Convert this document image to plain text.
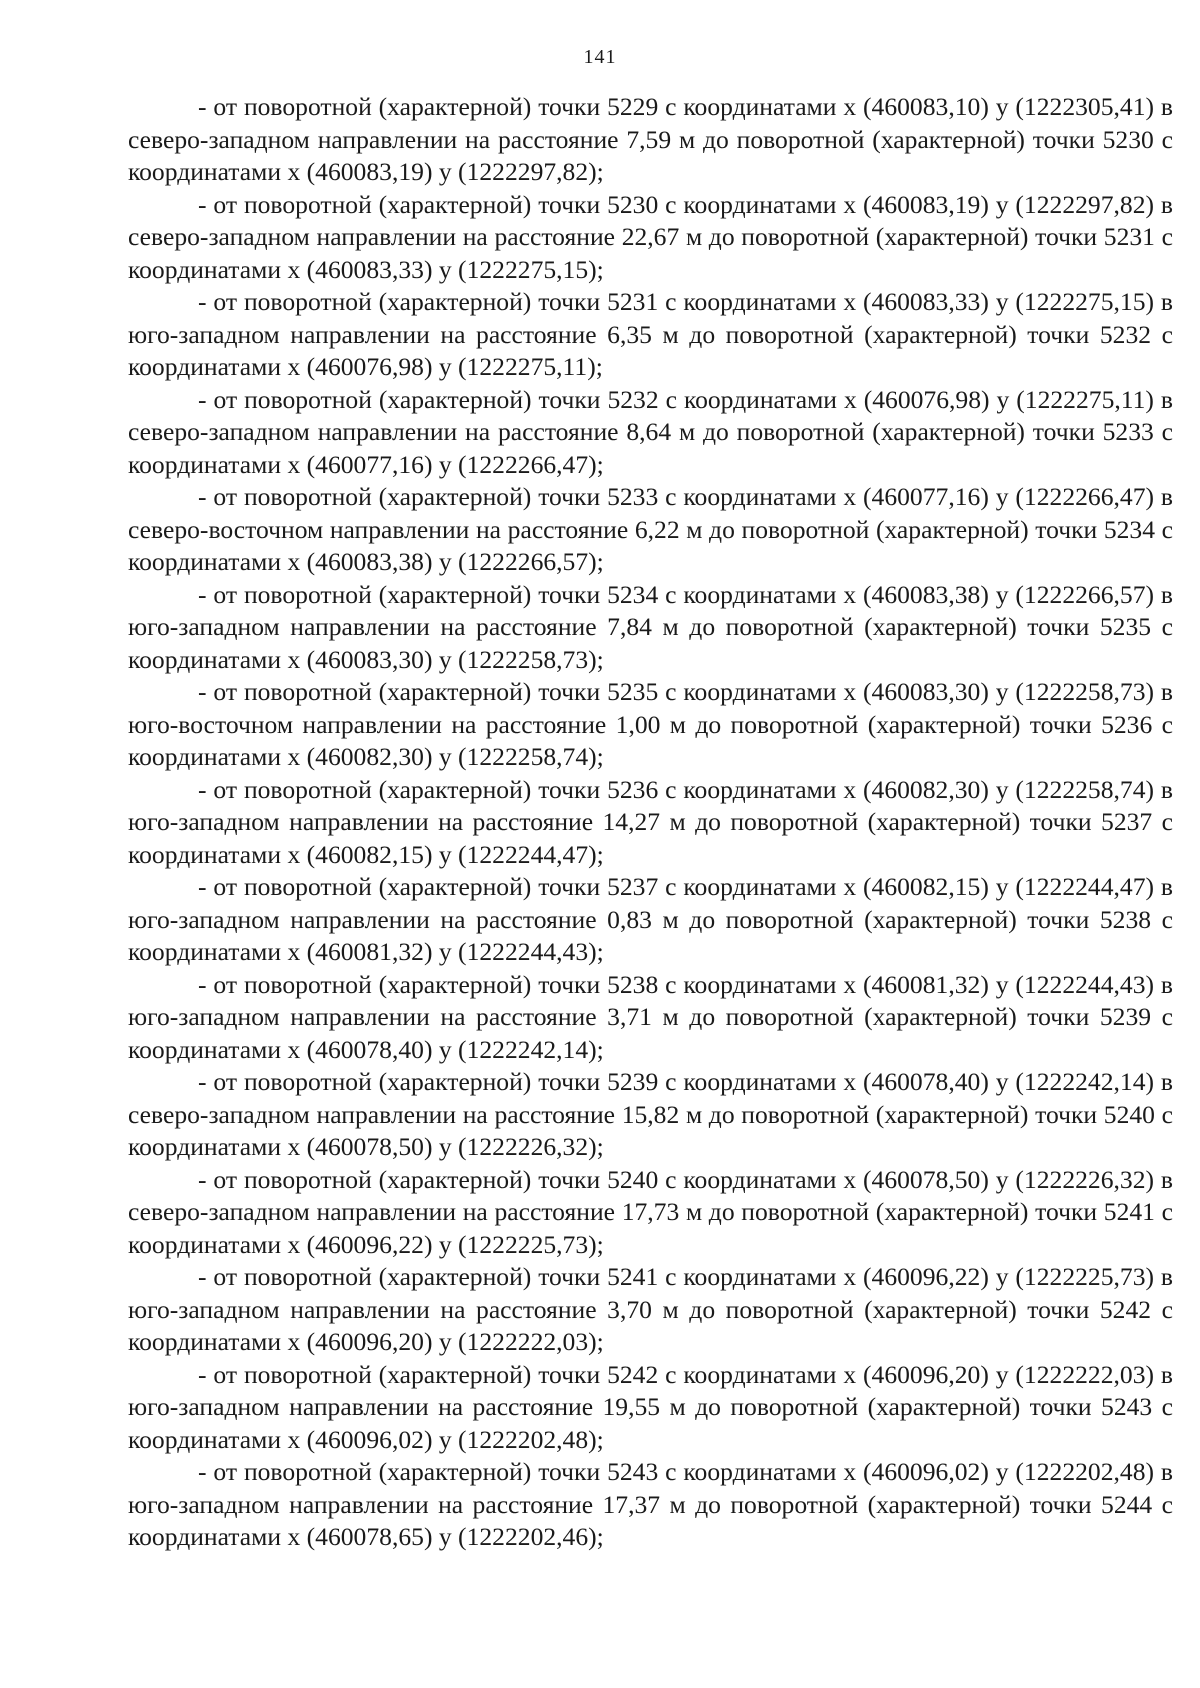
141

- от поворотной (характерной) точки 5229 с координатами х (460083,10) у (1222305,41) в северо-западном направлении на расстояние 7,59 м до поворотной (характерной) точки 5230 с координатами х (460083,19) у (1222297,82);

- от поворотной (характерной) точки 5230 с координатами х (460083,19) у (1222297,82) в северо-западном направлении на расстояние 22,67 м до поворотной (характерной) точки 5231 с координатами х (460083,33) у (1222275,15);

- от поворотной (характерной) точки 5231 с координатами х (460083,33) у (1222275,15) в юго-западном направлении на расстояние 6,35 м до поворотной (характерной) точки 5232 с координатами х (460076,98) у (1222275,11);

- от поворотной (характерной) точки 5232 с координатами х (460076,98) у (1222275,11) в северо-западном направлении на расстояние 8,64 м до поворотной (характерной) точки 5233 с координатами х (460077,16) у (1222266,47);

- от поворотной (характерной) точки 5233 с координатами х (460077,16) у (1222266,47) в северо-восточном направлении на расстояние 6,22 м до поворотной (характерной) точки 5234 с координатами х (460083,38) у (1222266,57);

- от поворотной (характерной) точки 5234 с координатами х (460083,38) у (1222266,57) в юго-западном направлении на расстояние 7,84 м до поворотной (характерной) точки 5235 с координатами х (460083,30) у (1222258,73);

- от поворотной (характерной) точки 5235 с координатами х (460083,30) у (1222258,73) в юго-восточном направлении на расстояние 1,00 м до поворотной (характерной) точки 5236 с координатами х (460082,30) у (1222258,74);

- от поворотной (характерной) точки 5236 с координатами х (460082,30) у (1222258,74) в юго-западном направлении на расстояние 14,27 м до поворотной (характерной) точки 5237 с координатами х (460082,15) у (1222244,47);

- от поворотной (характерной) точки 5237 с координатами х (460082,15) у (1222244,47) в юго-западном направлении на расстояние 0,83 м до поворотной (характерной) точки 5238 с координатами х (460081,32) у (1222244,43);

- от поворотной (характерной) точки 5238 с координатами х (460081,32) у (1222244,43) в юго-западном направлении на расстояние 3,71 м до поворотной (характерной) точки 5239 с координатами х (460078,40) у (1222242,14);

- от поворотной (характерной) точки 5239 с координатами х (460078,40) у (1222242,14) в северо-западном направлении на расстояние 15,82 м до поворотной (характерной) точки 5240 с координатами х (460078,50) у (1222226,32);

- от поворотной (характерной) точки 5240 с координатами х (460078,50) у (1222226,32) в северо-западном направлении на расстояние 17,73 м до поворотной (характерной) точки 5241 с координатами х (460096,22) у (1222225,73);

- от поворотной (характерной) точки 5241 с координатами х (460096,22) у (1222225,73) в юго-западном направлении на расстояние 3,70 м до поворотной (характерной) точки 5242 с координатами х (460096,20) у (1222222,03);

- от поворотной (характерной) точки 5242 с координатами х (460096,20) у (1222222,03) в юго-западном направлении на расстояние 19,55 м до поворотной (характерной) точки 5243 с координатами х (460096,02) у (1222202,48);

- от поворотной (характерной) точки 5243 с координатами х (460096,02) у (1222202,48) в юго-западном направлении на расстояние 17,37 м до поворотной (характерной) точки 5244 с координатами х (460078,65) у (1222202,46);
